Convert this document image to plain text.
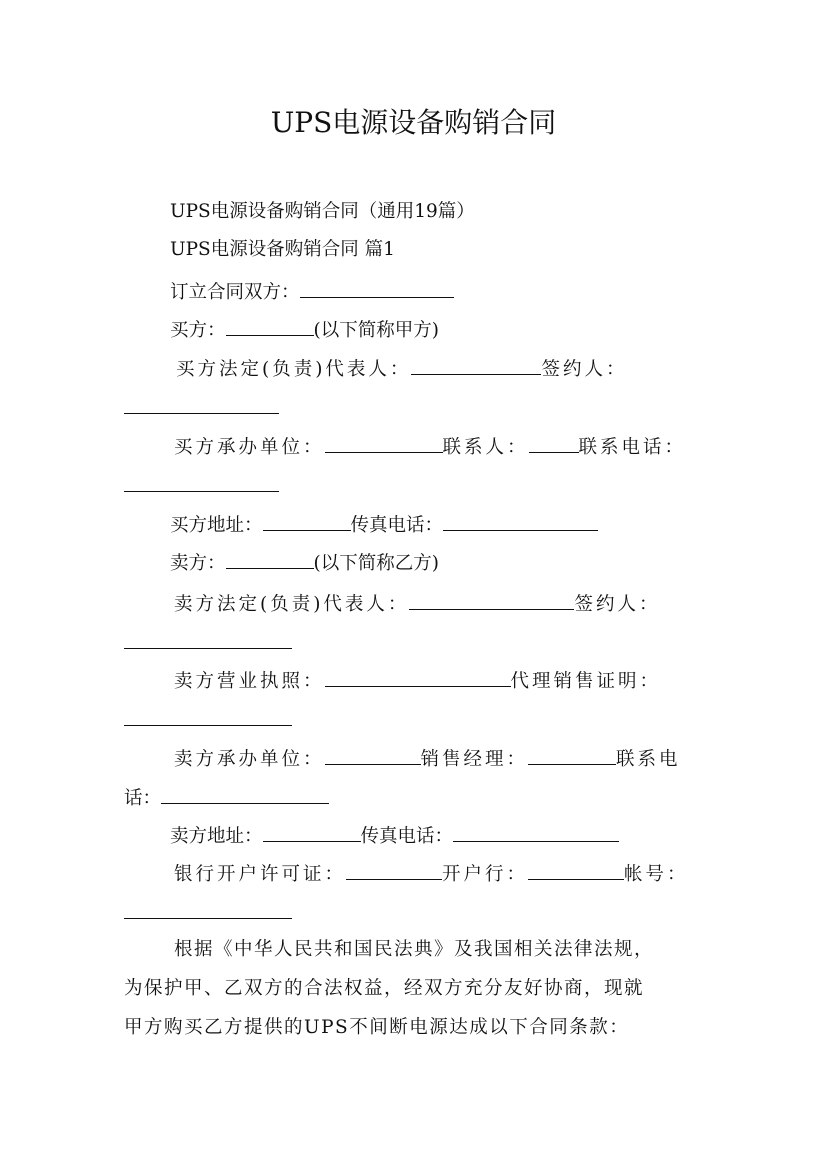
UPS电源设备购销合同
UPS电源设备购销合同（通用19篇）
UPS电源设备购销合同 篇1
订立合同双方：
买方：	(以下简称甲方)
买方法定(负责)代表人：	签约人：
买方承办单位：	联系人：	联系电话：
买方地址：	传真电话：
卖方：	(以下简称乙方)
卖方法定(负责)代表人：	签约人：
卖方营业执照：	代理销售证明：
卖方承办单位：	销售经理：	联系电
话：
卖方地址：	传真电话：
银行开户许可证：	开户行：	帐号：
根据《中华人民共和国民法典》及我国相关法律法规，
为保护甲、乙双方的合法权益，经双方充分友好协商，现就
甲方购买乙方提供的UPS不间断电源达成以下合同条款：
